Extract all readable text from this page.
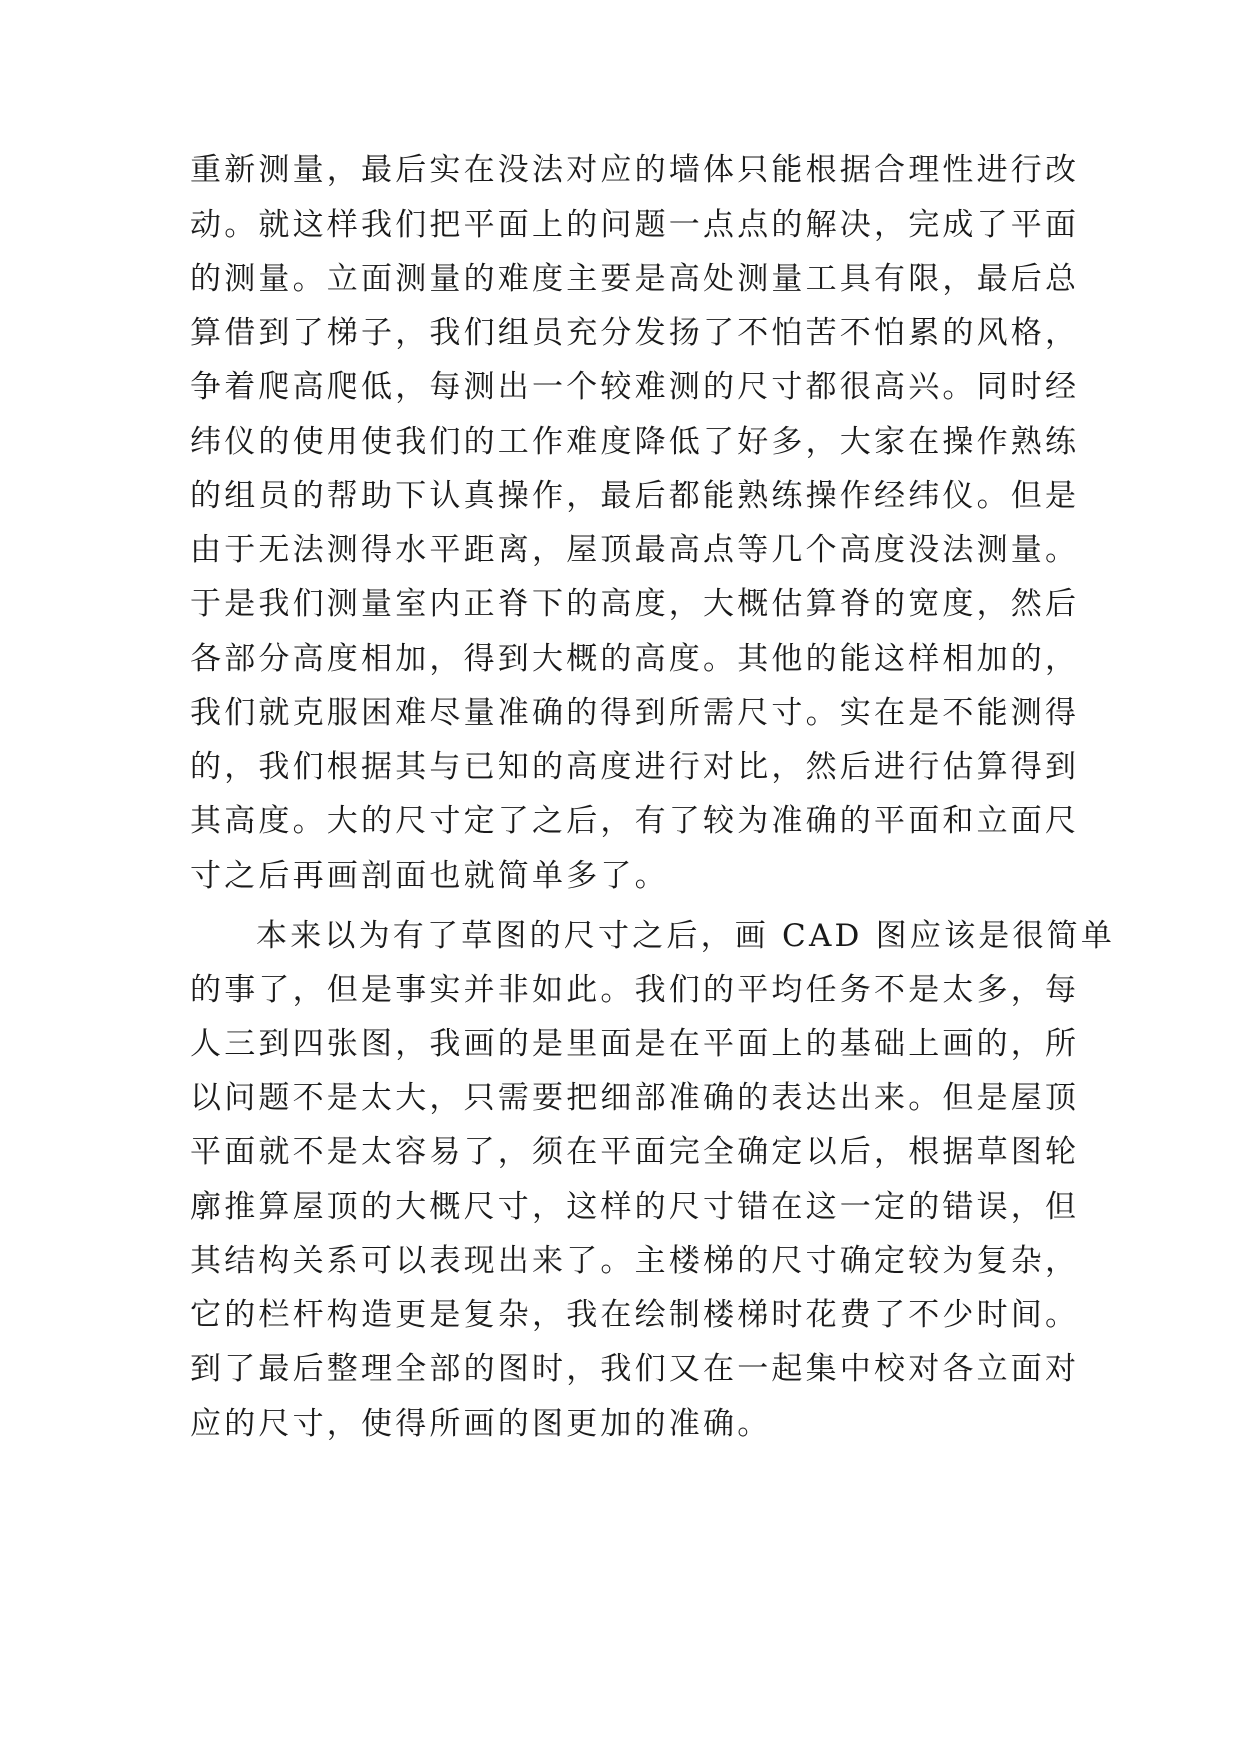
重新测量，最后实在没法对应的墙体只能根据合理性进行改
动。就这样我们把平面上的问题一点点的解决，完成了平面
的测量。立面测量的难度主要是高处测量工具有限，最后总
算借到了梯子，我们组员充分发扬了不怕苦不怕累的风格，
争着爬高爬低，每测出一个较难测的尺寸都很高兴。同时经
纬仪的使用使我们的工作难度降低了好多，大家在操作熟练
的组员的帮助下认真操作，最后都能熟练操作经纬仪。但是
由于无法测得水平距离，屋顶最高点等几个高度没法测量。
于是我们测量室内正脊下的高度，大概估算脊的宽度，然后
各部分高度相加，得到大概的高度。其他的能这样相加的，
我们就克服困难尽量准确的得到所需尺寸。实在是不能测得
的，我们根据其与已知的高度进行对比，然后进行估算得到
其高度。大的尺寸定了之后，有了较为准确的平面和立面尺
寸之后再画剖面也就简单多了。
本来以为有了草图的尺寸之后，画 CAD 图应该是很简单
的事了，但是事实并非如此。我们的平均任务不是太多，每
人三到四张图，我画的是里面是在平面上的基础上画的，所
以问题不是太大，只需要把细部准确的表达出来。但是屋顶
平面就不是太容易了，须在平面完全确定以后，根据草图轮
廓推算屋顶的大概尺寸，这样的尺寸错在这一定的错误，但
其结构关系可以表现出来了。主楼梯的尺寸确定较为复杂，
它的栏杆构造更是复杂，我在绘制楼梯时花费了不少时间。
到了最后整理全部的图时，我们又在一起集中校对各立面对
应的尺寸，使得所画的图更加的准确。
